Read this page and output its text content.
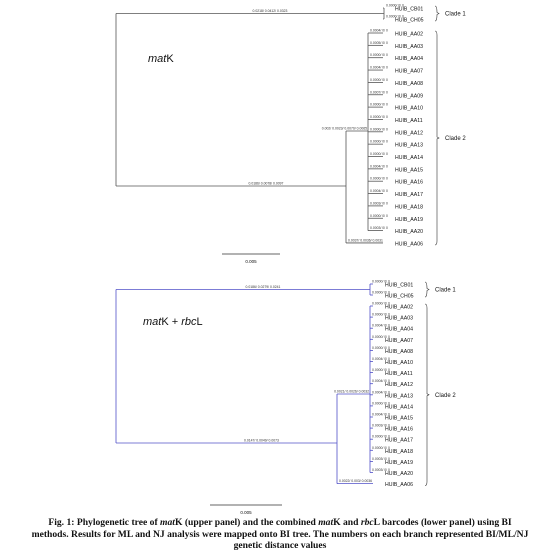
HUIB_CB01
0.0000/ 0/ 0
HUIB_CH05
0.0000/ 0/ 0
HUIB_AA02
0.0004/ 0/ 0
HUIB_AA03
0.0005/ 0/ 0
HUIB_AA04
0.0000/ 0/ 0
HUIB_AA07
0.0004/ 0/ 0
HUIB_AA08
0.0000/ 0/ 0
HUIB_AA09
0.0007/ 0/ 0
HUIB_AA10
0.0000/ 0/ 0
HUIB_AA11
0.0000/ 0/ 0
HUIB_AA12
0.0000/ 0/ 0
HUIB_AA13
0.0000/ 0/ 0
HUIB_AA14
0.0000/ 0/ 0
HUIB_AA15
0.0004/ 0/ 0
HUIB_AA16
0.0000/ 0/ 0
HUIB_AA17
0.0004/ 0/ 0
HUIB_AA18
0.0003/ 0/ 0
HUIB_AA19
0.0000/ 0/ 0
HUIB_AA20
0.0003/ 0/ 0
HUIB_AA06
0.0218/ 0.0412/ 0.0323
0.0186/ 0.0078/ 0.0097
0.002/ 0.0023/ 0.0070/ 0.0065
0.0037/ 0.0036/ 0.0031
Clade 1
Clade 2
0.005
HUIB_CB01
0.0000/ 0/ 0
HUIB_CH05
0.0000/ 0/ 0
HUIB_AA02
0.0000/ 0/ 0
HUIB_AA03
0.0000/ 0/ 0
HUIB_AA04
0.0004/ 0/ 0
HUIB_AA07
0.0000/ 0/ 0
HUIB_AA08
0.0000/ 0/ 0
HUIB_AA10
0.0004/ 0/ 0
HUIB_AA11
0.0000/ 0/ 0
HUIB_AA12
0.0004/ 0/ 0
HUIB_AA13
0.0004/ 0/ 0
HUIB_AA14
0.0000/ 0/ 0
HUIB_AA15
0.0004/ 0/ 0
HUIB_AA16
0.0003/ 0/ 0
HUIB_AA17
0.0000/ 0/ 0
HUIB_AA18
0.0000/ 0/ 0
HUIB_AA19
0.0003/ 0/ 0
HUIB_AA20
0.0003/ 0/ 0
HUIB_AA06
0.0186/ 0.0279/ 0.0241
0.0147/ 0.0049/ 0.0073
0.0021/ 0.0026/ 0.0032
0.0022/ 0.003/ 0.0036
Clade 1
Clade 2
0.005
matK
matK + rbcL
Fig. 1: Phylogenetic tree of matK (upper panel) and the combined matK and rbcL barcodes (lower panel) using BI methods. Results for ML and NJ analysis were mapped onto BI tree. The numbers on each branch represented BI/ML/NJ genetic distance values
